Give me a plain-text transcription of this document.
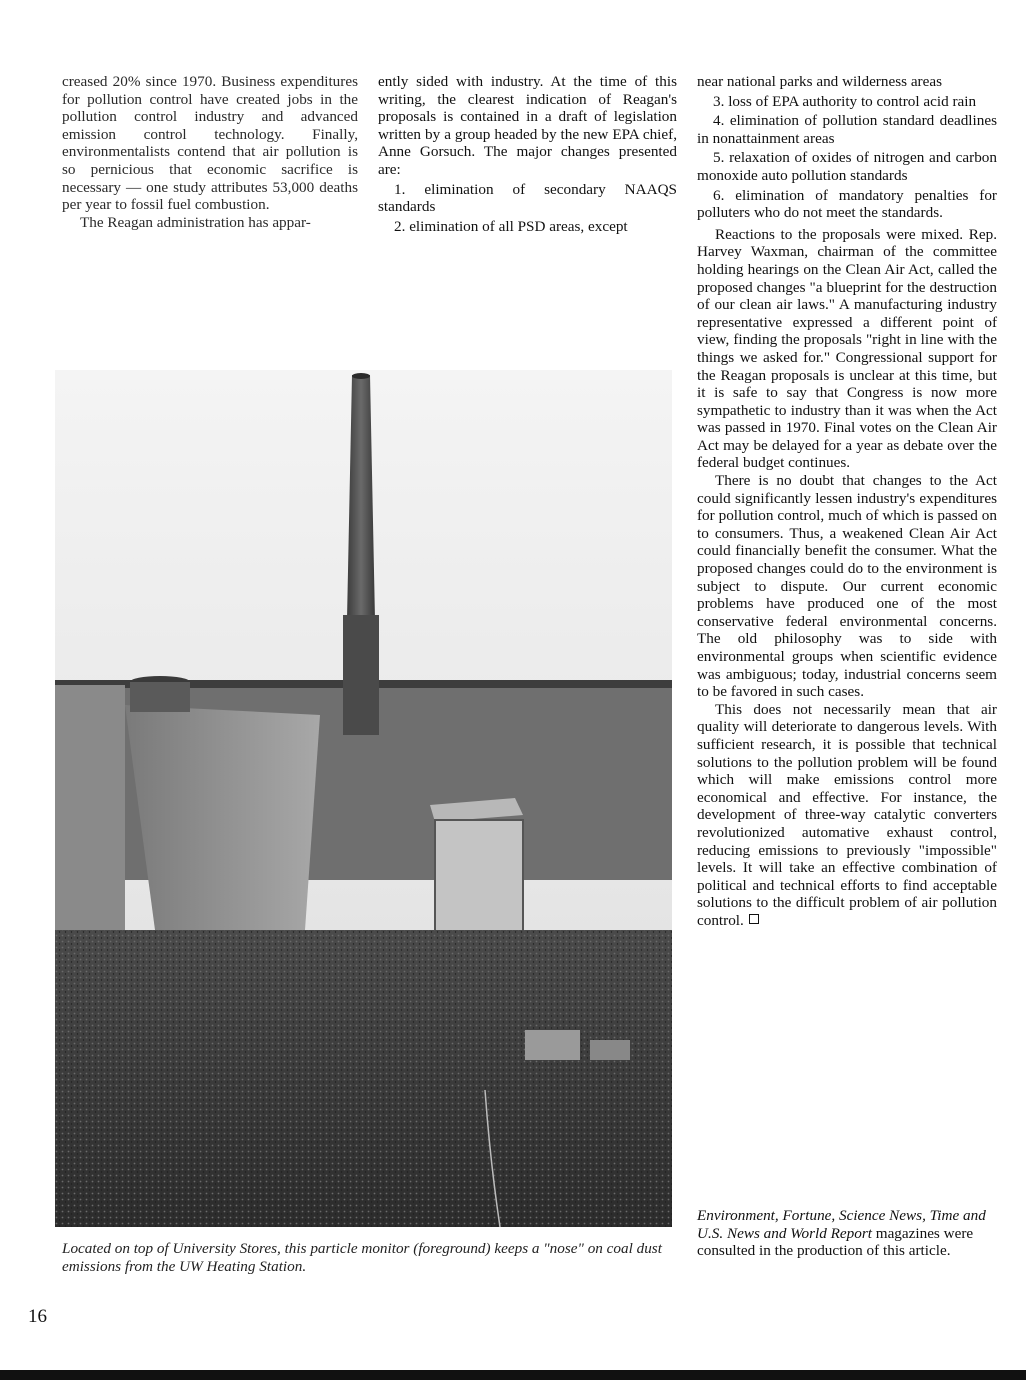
creased 20% since 1970. Business expenditures for pollution control have created jobs in the pollution control industry and advanced emission control technology. Finally, environmentalists contend that air pollution is so pernicious that economic sacrifice is necessary — one study attributes 53,000 deaths per year to fossil fuel combustion.

The Reagan administration has appar-

ently sided with industry. At the time of this writing, the clearest indication of Reagan's proposals is contained in a draft of legislation written by a group headed by the new EPA chief, Anne Gorsuch. The major changes presented are:

1. elimination of secondary NAAQS standards

2. elimination of all PSD areas, except

near national parks and wilderness areas

3. loss of EPA authority to control acid rain

4. elimination of pollution standard deadlines in nonattainment areas

5. relaxation of oxides of nitrogen and carbon monoxide auto pollution standards

6. elimination of mandatory penalties for polluters who do not meet the standards.

Reactions to the proposals were mixed. Rep. Harvey Waxman, chairman of the committee holding hearings on the Clean Air Act, called the proposed changes "a blueprint for the destruction of our clean air laws." A manufacturing industry representative expressed a different point of view, finding the proposals "right in line with the things we asked for." Congressional support for the Reagan proposals is unclear at this time, but it is safe to say that Congress is now more sympathetic to industry than it was when the Act was passed in 1970. Final votes on the Clean Air Act may be delayed for a year as debate over the federal budget continues.

There is no doubt that changes to the Act could significantly lessen industry's expenditures for pollution control, much of which is passed on to consumers. Thus, a weakened Clean Air Act could financially benefit the consumer. What the proposed changes could do to the environment is subject to dispute. Our current economic problems have produced one of the most conservative federal environmental concerns. The old philosophy was to side with environmental groups when scientific evidence was ambiguous; today, industrial concerns seem to be favored in such cases.

This does not necessarily mean that air quality will deteriorate to dangerous levels. With sufficient research, it is possible that technical solutions to the pollution problem will be found which will make emissions control more economical and effective. For instance, the development of three-way catalytic converters revolutionized automative exhaust control, reducing emissions to previously "impossible" levels. It will take an effective combination of political and technical efforts to find acceptable solutions to the difficult problem of air pollution control.

Located on top of University Stores, this particle monitor (foreground) keeps a "nose" on coal dust emissions from the UW Heating Station.
Environment, Fortune, Science News, Time and U.S. News and World Report magazines were consulted in the production of this article.
16
